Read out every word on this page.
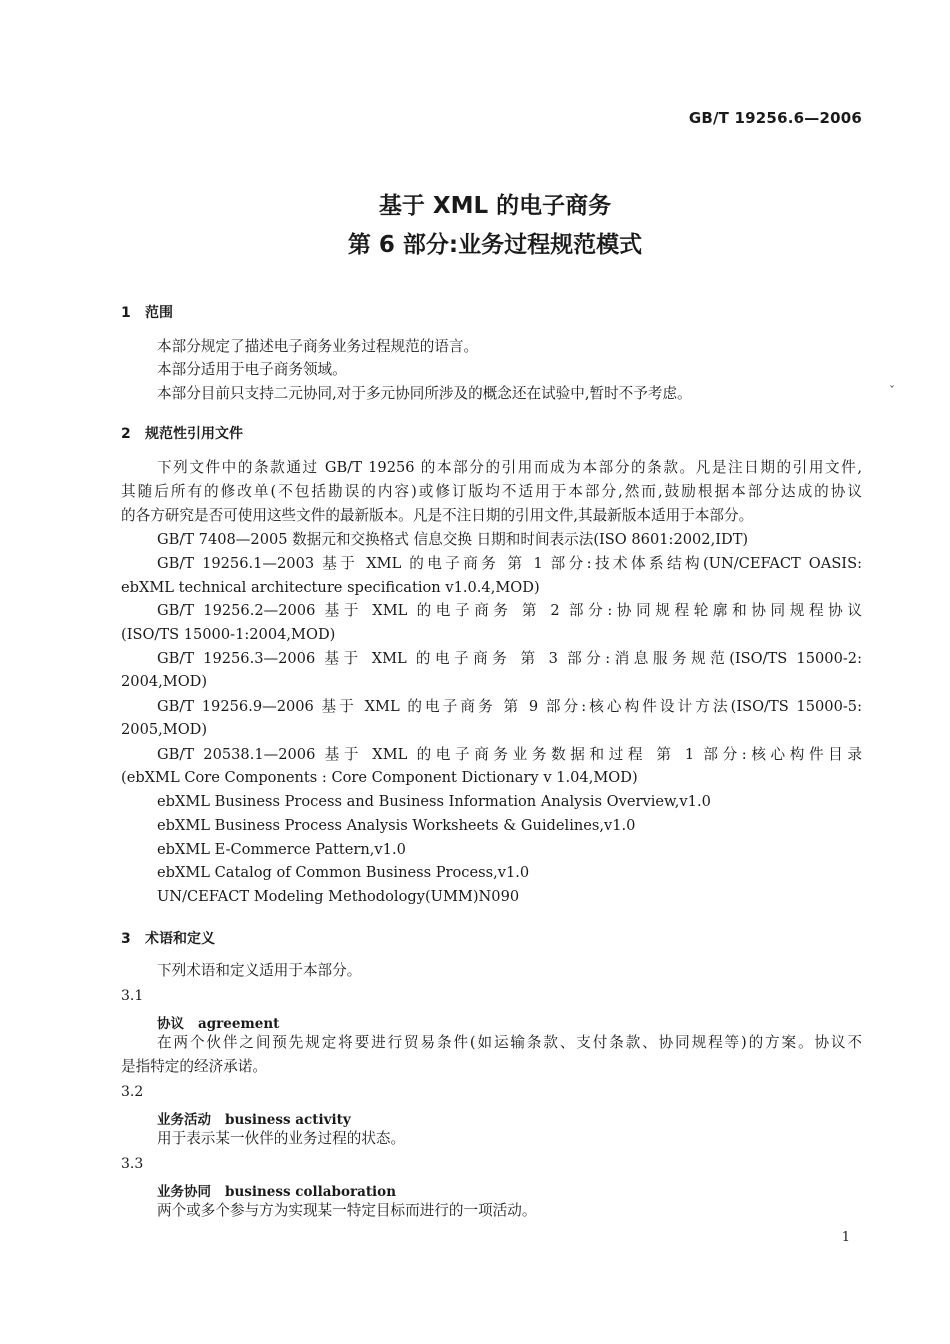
GB/T 19256.6—2006
基于 XML 的电子商务
第 6 部分:业务过程规范模式
1 范围
本部分规定了描述电子商务业务过程规范的语言。
本部分适用于电子商务领域。
本部分目前只支持二元协同,对于多元协同所涉及的概念还在试验中,暂时不予考虑。	ˇ
2 规范性引用文件
下列文件中的条款通过 GB/T 19256 的本部分的引用而成为本部分的条款。凡是注日期的引用文件,
其随后所有的修改单(不包括勘误的内容)或修订版均不适用于本部分,然而,鼓励根据本部分达成的协议
的各方研究是否可使用这些文件的最新版本。凡是不注日期的引用文件,其最新版本适用于本部分。
GB/T 7408—2005 数据元和交换格式 信息交换 日期和时间表示法(ISO 8601:2002,IDT)
GB/T 19256.1—2003 基于 XML 的电子商务 第 1 部分:技术体系结构(UN/CEFACT OASIS:
ebXML technical architecture specification v1.0.4,MOD)
GB/T 19256.2—2006 基于 XML 的电子商务 第 2 部分:协同规程轮廓和协同规程协议
(ISO/TS 15000-1:2004,MOD)
GB/T 19256.3—2006 基于 XML 的电子商务 第 3 部分:消息服务规范(ISO/TS 15000-2:
2004,MOD)
GB/T 19256.9—2006 基于 XML 的电子商务 第 9 部分:核心构件设计方法(ISO/TS 15000-5:
2005,MOD)
GB/T 20538.1—2006 基于 XML 的电子商务业务数据和过程 第 1 部分:核心构件目录
(ebXML Core Components : Core Component Dictionary v 1.04,MOD)
ebXML Business Process and Business Information Analysis Overview,v1.0
ebXML Business Process Analysis Worksheets & Guidelines,v1.0
ebXML E-Commerce Pattern,v1.0
ebXML Catalog of Common Business Process,v1.0
UN/CEFACT Modeling Methodology(UMM)N090
3 术语和定义
下列术语和定义适用于本部分。
3.1
协议 agreement
在两个伙伴之间预先规定将要进行贸易条件(如运输条款、支付条款、协同规程等)的方案。协议不
是指特定的经济承诺。
3.2
业务活动 business activity
用于表示某一伙伴的业务过程的状态。
3.3
业务协同 business collaboration
两个或多个参与方为实现某一特定目标而进行的一项活动。
1
